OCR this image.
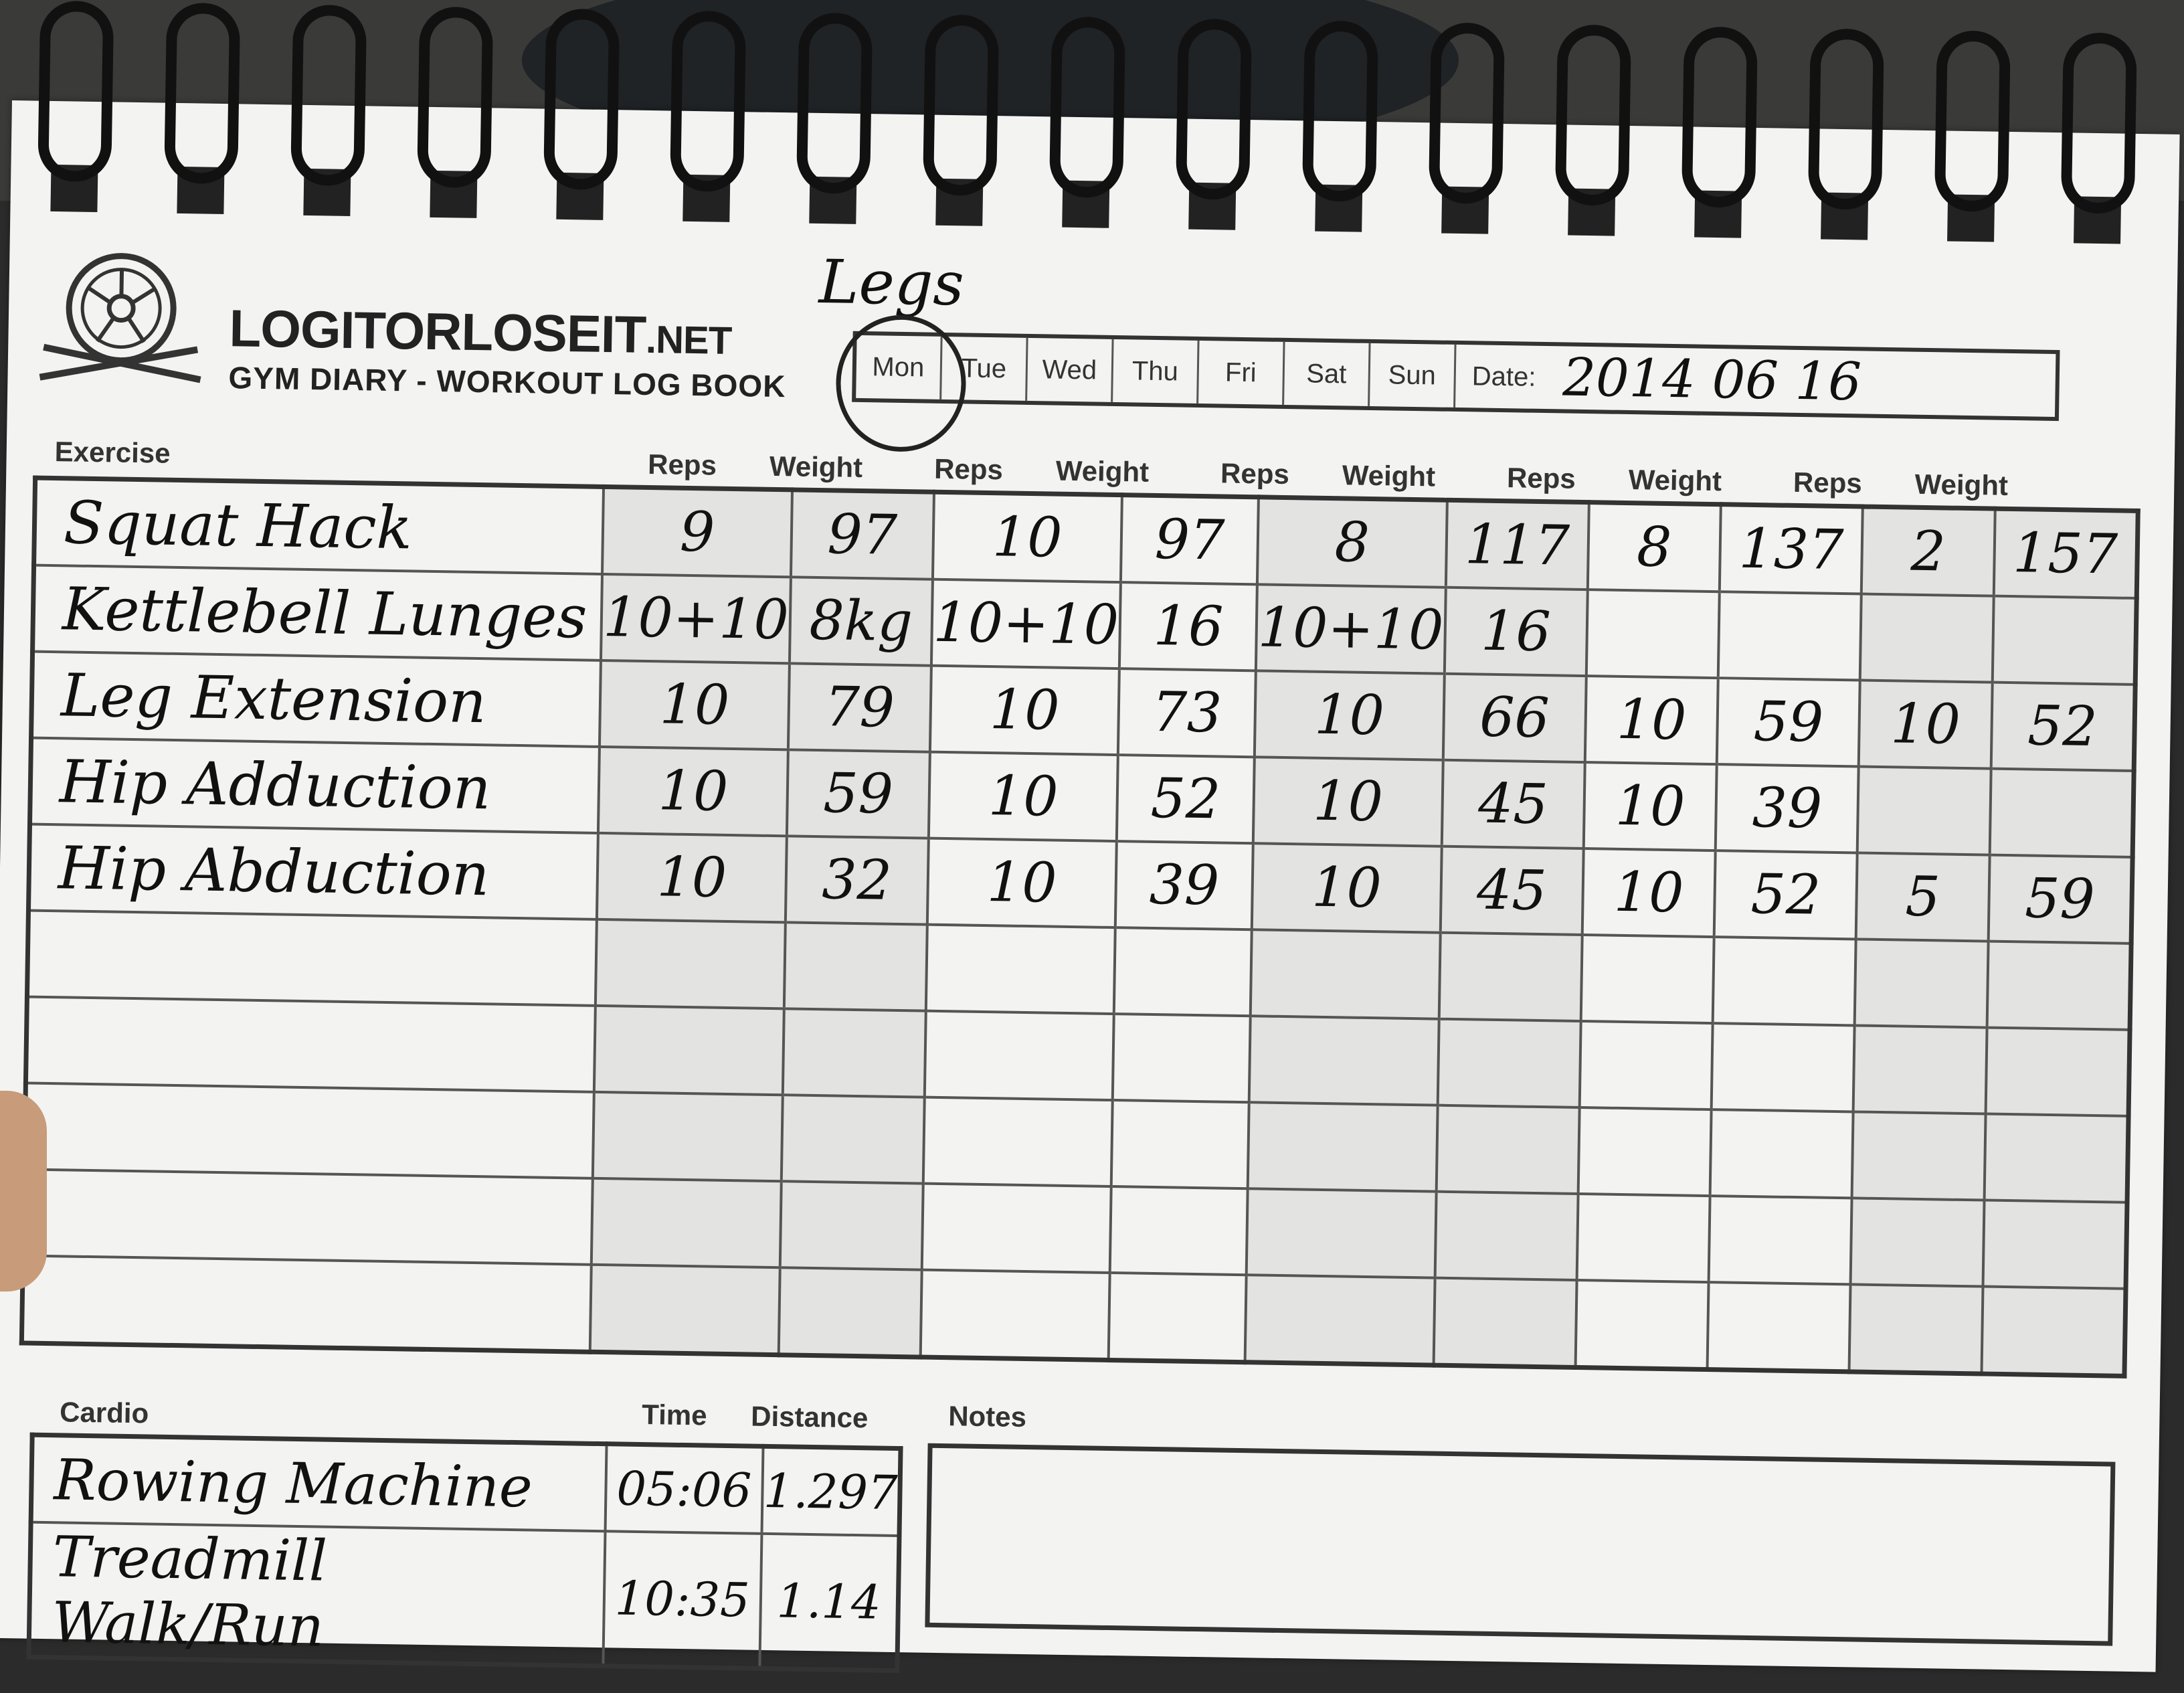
LOGITORLOSEIT.NET
GYM DIARY - WORKOUT LOG BOOK
Legs
Mon	Tue	Wed	Thu	Fri	Sat	Sun	Date: 2014 06 16
Exercise	Reps	Weight	Reps	Weight	Reps	Weight	Reps	Weight	Reps	Weight
Squat Hack	9	97	10	97	8	117	8	137	2	157
Kettlebell Lunges	10+10	8kg	10+10	16	10+10	16				
Leg Extension	10	79	10	73	10	66	10	59	10	52
Hip Adduction	10	59	10	52	10	45	10	39		
Hip Abduction	10	32	10	39	10	45	10	52	5	59

Cardio	Time Distance
Rowing Machine	05:06	1.297
Treadmill Walk/Run	10:35	1.14
Notes
